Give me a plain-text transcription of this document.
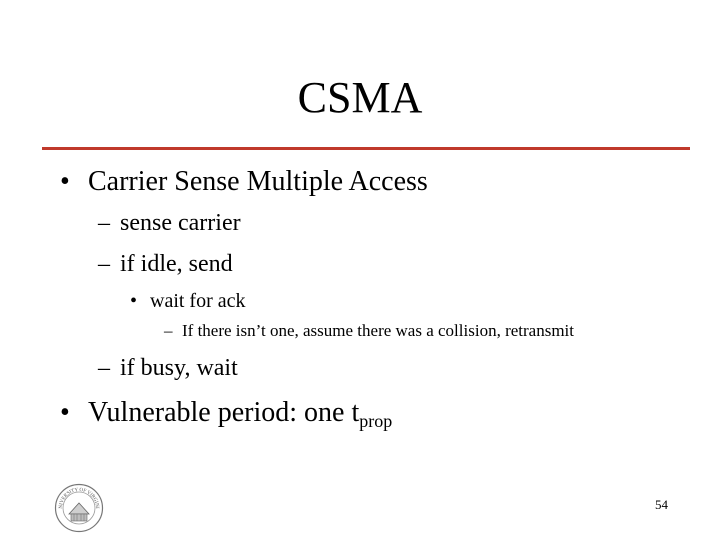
CSMA
• Carrier Sense Multiple Access
– sense carrier
– if idle, send
• wait for ack
– If there isn’t one, assume there was a collision, retransmit
– if busy, wait
• Vulnerable period: one $t_{prop}$
NIVERSITY OF VIRGINI	54
